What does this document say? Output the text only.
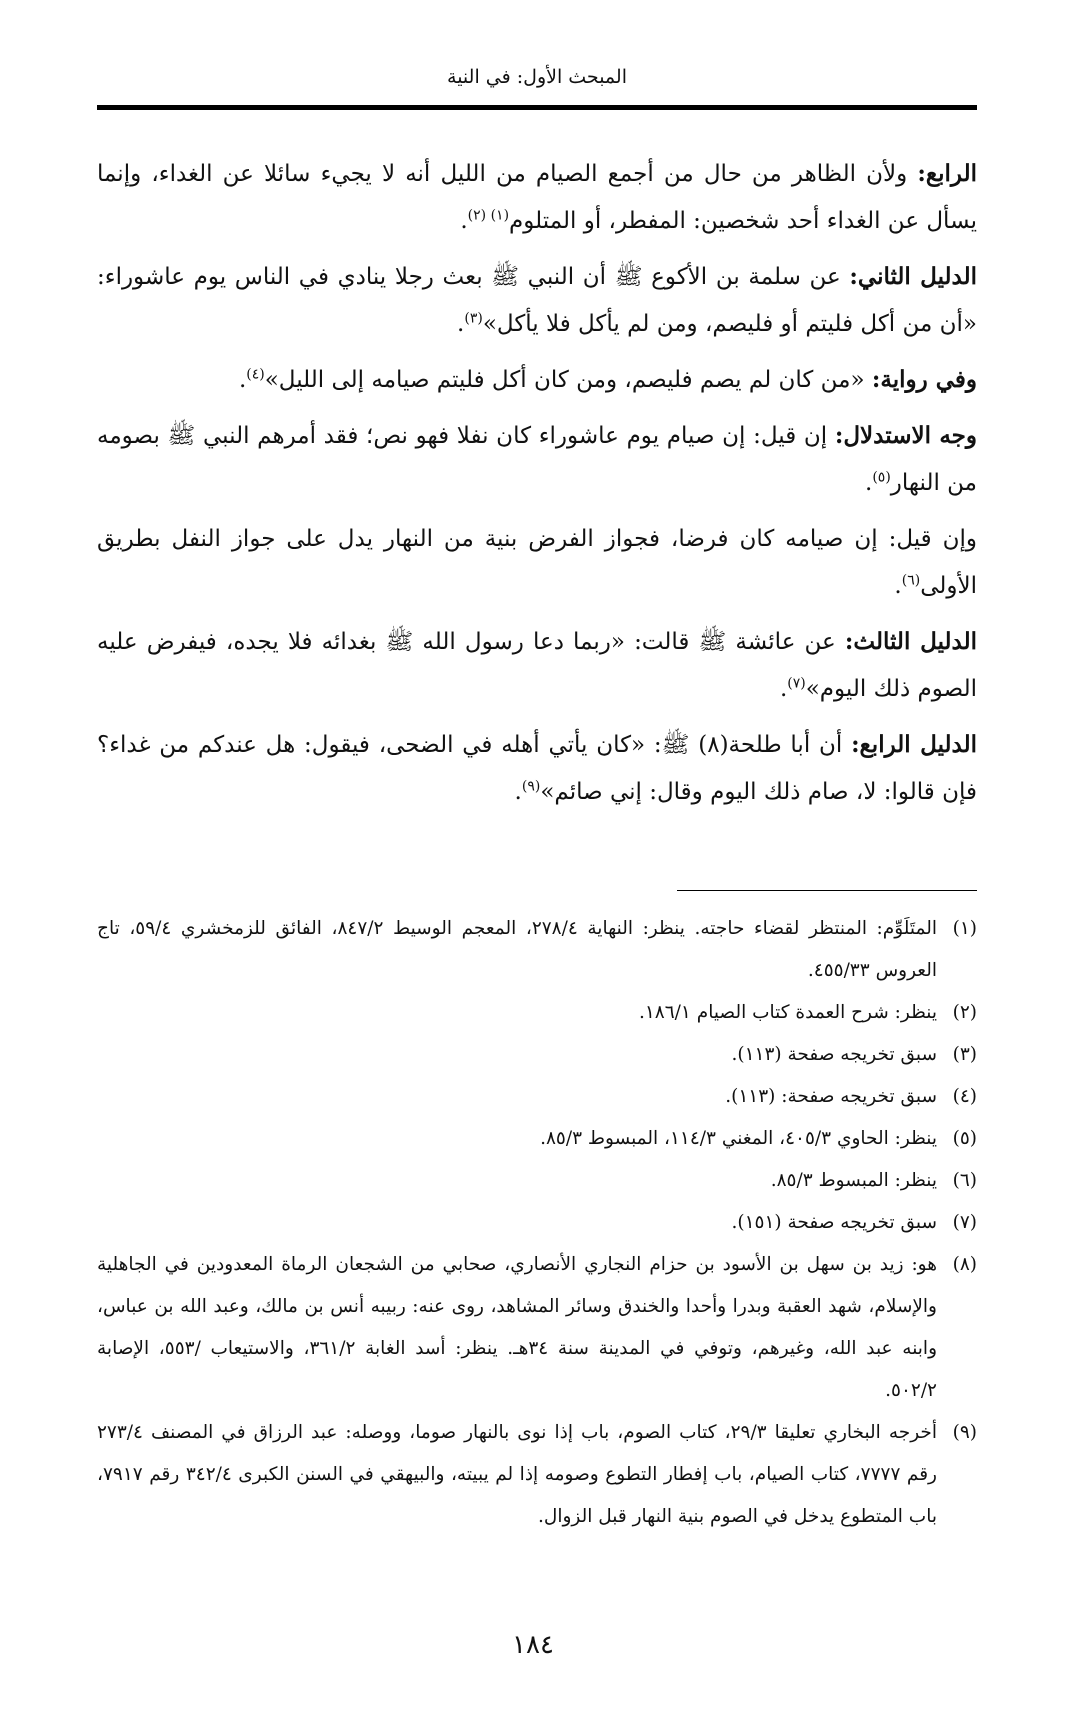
المبحث الأول: في النية

الرابع: ولأن الظاهر من حال من أجمع الصيام من الليل أنه لا يجيء سائلا عن الغداء، وإنما يسأل عن الغداء أحد شخصين: المفطر، أو المتلوم$^{(١) (٢)}$.

الدليل الثاني: عن سلمة بن الأكوع ﷺ أن النبي ﷺ بعث رجلا ينادي في الناس يوم عاشوراء: «أن من أكل فليتم أو فليصم، ومن لم يأكل فلا يأكل»$^{(٣)}$.

وفي رواية: «من كان لم يصم فليصم، ومن كان أكل فليتم صيامه إلى الليل»$^{(٤)}$.

وجه الاستدلال: إن قيل: إن صيام يوم عاشوراء كان نفلا فهو نص؛ فقد أمرهم النبي ﷺ بصومه من النهار$^{(٥)}$.

وإن قيل: إن صيامه كان فرضا، فجواز الفرض بنية من النهار يدل على جواز النفل بطريق الأولى$^{(٦)}$.

الدليل الثالث: عن عائشة ﷺ قالت: «ربما دعا رسول الله ﷺ بغدائه فلا يجده، فيفرض عليه الصوم ذلك اليوم»$^{(٧)}$.

الدليل الرابع: أن أبا طلحة(٨) ﷺ: «كان يأتي أهله في الضحى، فيقول: هل عندكم من غداء؟ فإن قالوا: لا، صام ذلك اليوم وقال: إني صائم»$^{(٩)}$.

(١)
المتَلَوِّم: المنتظر لقضاء حاجته. ينظر: النهاية ٢٧٨/٤، المعجم الوسيط ٨٤٧/٢، الفائق للزمخشري ٥٩/٤، تاج العروس ٤٥٥/٣٣.

(٢)
ينظر: شرح العمدة كتاب الصيام ١٨٦/١.

(٣)
سبق تخريجه صفحة (١١٣).

(٤)
سبق تخريجه صفحة: (١١٣).

(٥)
ينظر: الحاوي ٤٠٥/٣، المغني ١١٤/٣، المبسوط ٨٥/٣.

(٦)
ينظر: المبسوط ٨٥/٣.

(٧)
سبق تخريجه صفحة (١٥١).

(٨)
هو: زيد بن سهل بن الأسود بن حزام النجاري الأنصاري، صحابي من الشجعان الرماة المعدودين في الجاهلية والإسلام، شهد العقبة وبدرا وأحدا والخندق وسائر المشاهد، روى عنه: ربيبه أنس بن مالك، وعبد الله بن عباس، وابنه عبد الله، وغيرهم، وتوفي في المدينة سنة ٣٤هـ. ينظر: أسد الغابة ٣٦١/٢، والاستيعاب /٥٥٣، الإصابة ٥٠٢/٢.

(٩)
أخرجه البخاري تعليقا ٢٩/٣، كتاب الصوم، باب إذا نوى بالنهار صوما، ووصله: عبد الرزاق في المصنف ٢٧٣/٤ رقم ٧٧٧٧، كتاب الصيام، باب إفطار التطوع وصومه إذا لم يبيته، والبيهقي في السنن الكبرى ٣٤٢/٤ رقم ٧٩١٧، باب المتطوع يدخل في الصوم بنية النهار قبل الزوال.

١٨٤
